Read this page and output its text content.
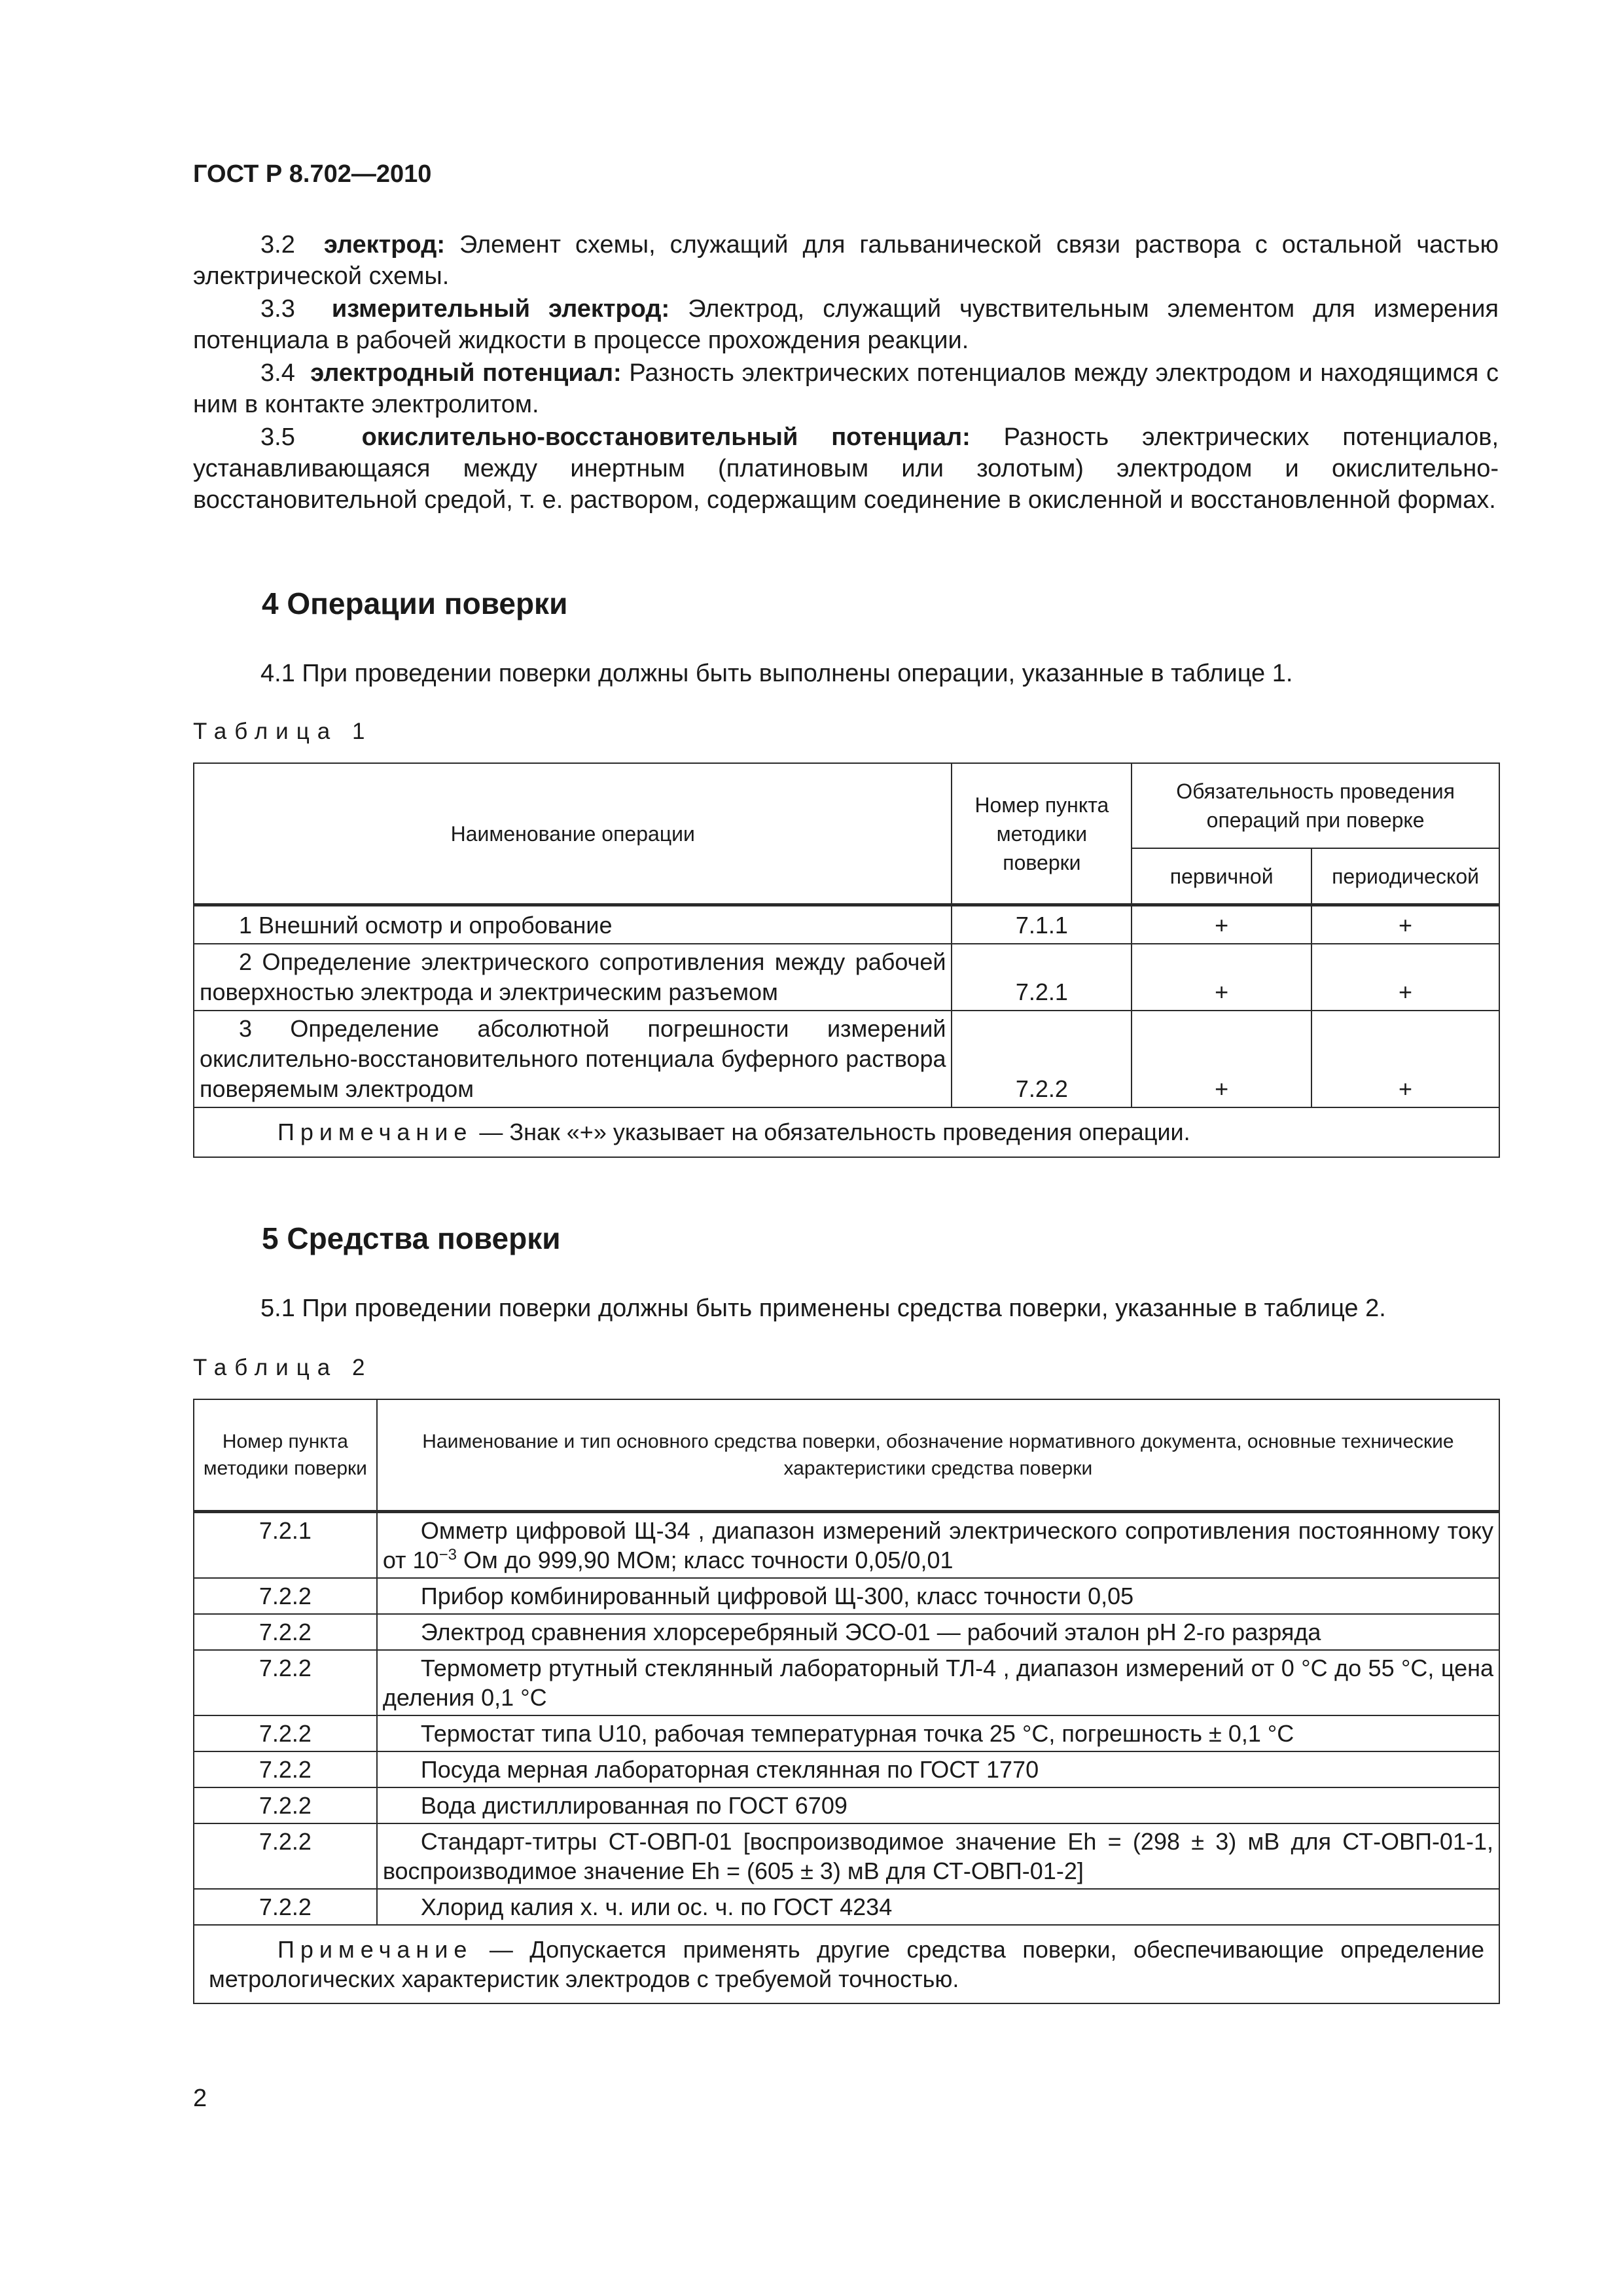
ГОСТ Р 8.702—2010

3.2 электрод: Элемент схемы, служащий для гальванической связи раствора с остальной частью электрической схемы.

3.3 измерительный электрод: Электрод, служащий чувствительным элементом для измерения потенциала в рабочей жидкости в процессе прохождения реакции.

3.4 электродный потенциал: Разность электрических потенциалов между электродом и находящимся с ним в контакте электролитом.

3.5	окислительно-восстановительный потенциал: Разность электрических потенциалов, устанавливающаяся между инертным (платиновым или золотым) электродом и окислительно-восстановительной средой, т. е. раствором, содержащим соединение в окисленной и восстановленной формах.

4 Операции поверки
4.1 При проведении поверки должны быть выполнены операции, указанные в таблице 1.
Таблица 1
Наименование операции	Номер пункта методики поверки	Обязательность проведения операций при поверке	
		первичной	периодической
1 Внешний осмотр и опробование	7.1.1	+	+
2 Определение электрического сопротивления между рабочей поверхностью электрода и электрическим разъемом	7.2.1	+	+
3 Определение абсолютной погрешности измерений окислительно-восстановительного потенциала буферного раствора поверяемым электродом	7.2.2	+	+
Примечание — Знак «+» указывает на обязательность проведения операции.			
5 Средства поверки
5.1 При проведении поверки должны быть применены средства поверки, указанные в таблице 2.
Таблица 2
Номер пункта методики поверки	Наименование и тип основного средства поверки, обозначение нормативного документа, основные технические характеристики средства поверки
7.2.1	Омметр цифровой Щ-34 , диапазон измерений электрического сопротивления постоянному току от $10^{-3}$ Ом до 999,90 МОм; класс точности 0,05/0,01
7.2.2	Прибор комбинированный цифровой Щ-300, класс точности 0,05
7.2.2	Электрод сравнения хлорсеребряный ЭСО-01 — рабочий эталон рН 2-го разряда
7.2.2	Термометр ртутный стеклянный лабораторный ТЛ-4 , диапазон измерений от 0 °С до 55 °С, цена деления 0,1 °С
7.2.2	Термостат типа U10, рабочая температурная точка 25 °С, погрешность ± 0,1 °С
7.2.2	Посуда мерная лабораторная стеклянная по ГОСТ 1770
7.2.2	Вода дистиллированная по ГОСТ 6709
7.2.2	Стандарт-титры СТ-ОВП-01 [воспроизводимое значение Eh = (298 ± 3) мВ для СТ-ОВП-01-1, воспроизводимое значение Eh = (605 ± 3) мВ для СТ-ОВП-01-2]
7.2.2	Хлорид калия х. ч. или ос. ч. по ГОСТ 4234
Примечание — Допускается применять другие средства поверки, обеспечивающие определение метрологических характеристик электродов с требуемой точностью.	
2
